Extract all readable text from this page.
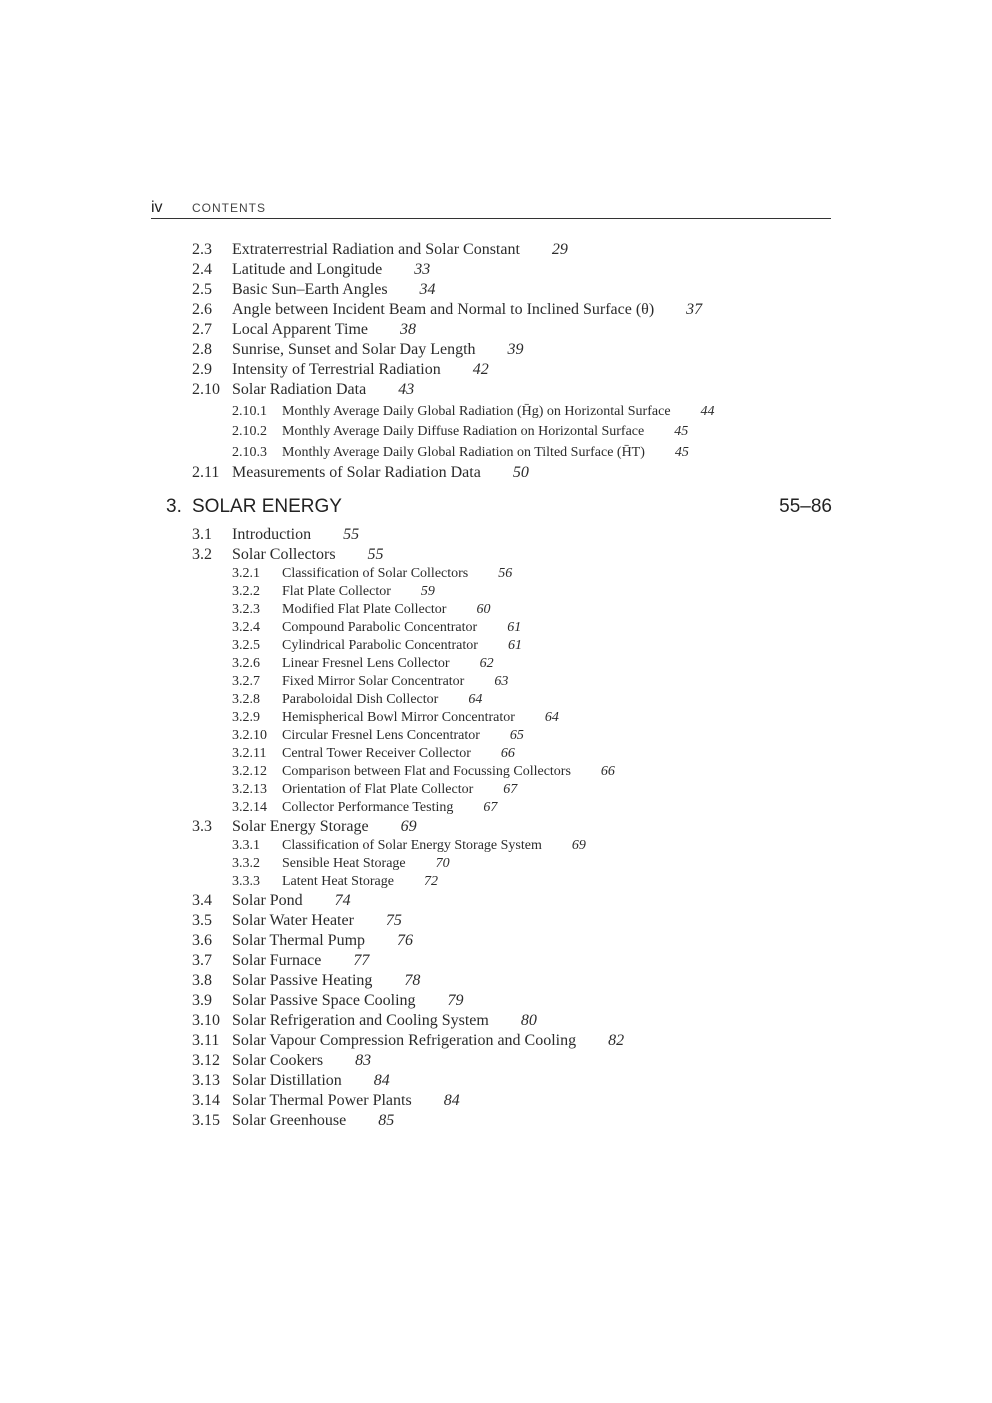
iv CONTENTS
2.3 Extraterrestrial Radiation and Solar Constant 29
2.4 Latitude and Longitude 33
2.5 Basic Sun–Earth Angles 34
2.6 Angle between Incident Beam and Normal to Inclined Surface (θ) 37
2.7 Local Apparent Time 38
2.8 Sunrise, Sunset and Solar Day Length 39
2.9 Intensity of Terrestrial Radiation 42
2.10 Solar Radiation Data 43
2.10.1 Monthly Average Daily Global Radiation (H̄g) on Horizontal Surface 44
2.10.2 Monthly Average Daily Diffuse Radiation on Horizontal Surface 45
2.10.3 Monthly Average Daily Global Radiation on Tilted Surface (H̄T) 45
2.11 Measurements of Solar Radiation Data 50
3. SOLAR ENERGY	55–86
3.1 Introduction 55
3.2 Solar Collectors 55
3.2.1 Classification of Solar Collectors 56
3.2.2 Flat Plate Collector 59
3.2.3 Modified Flat Plate Collector 60
3.2.4 Compound Parabolic Concentrator 61
3.2.5 Cylindrical Parabolic Concentrator 61
3.2.6 Linear Fresnel Lens Collector 62
3.2.7 Fixed Mirror Solar Concentrator 63
3.2.8 Paraboloidal Dish Collector 64
3.2.9 Hemispherical Bowl Mirror Concentrator 64
3.2.10 Circular Fresnel Lens Concentrator 65
3.2.11 Central Tower Receiver Collector 66
3.2.12 Comparison between Flat and Focussing Collectors 66
3.2.13 Orientation of Flat Plate Collector 67
3.2.14 Collector Performance Testing 67
3.3 Solar Energy Storage 69
3.3.1 Classification of Solar Energy Storage System 69
3.3.2 Sensible Heat Storage 70
3.3.3 Latent Heat Storage 72
3.4 Solar Pond 74
3.5 Solar Water Heater 75
3.6 Solar Thermal Pump 76
3.7 Solar Furnace 77
3.8 Solar Passive Heating 78
3.9 Solar Passive Space Cooling 79
3.10 Solar Refrigeration and Cooling System 80
3.11 Solar Vapour Compression Refrigeration and Cooling 82
3.12 Solar Cookers 83
3.13 Solar Distillation 84
3.14 Solar Thermal Power Plants 84
3.15 Solar Greenhouse 85
